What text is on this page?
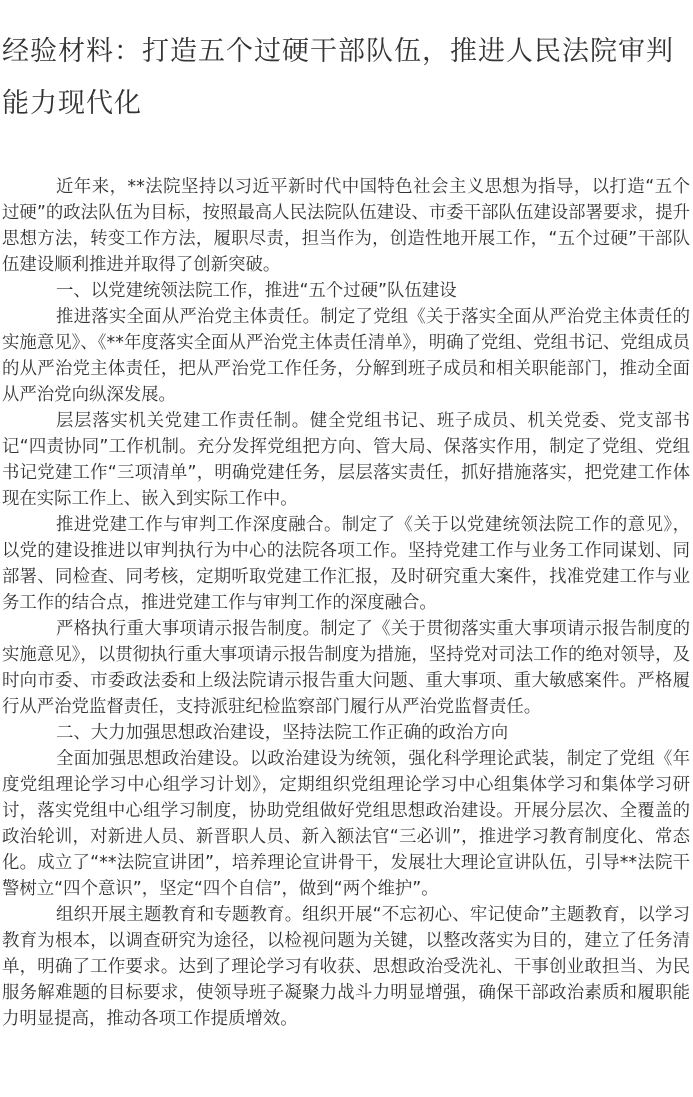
经验材料：打造五个过硬干部队伍，推进人民法院审判能力现代化

近年来，**法院坚持以习近平新时代中国特色社会主义思想为指导，以打造“五个过硬”的政法队伍为目标，按照最高人民法院队伍建设、市委干部队伍建设部署要求，提升思想方法，转变工作方法，履职尽责，担当作为，创造性地开展工作，“五个过硬”干部队伍建设顺利推进并取得了创新突破。

一、以党建统领法院工作，推进“五个过硬”队伍建设

推进落实全面从严治党主体责任。制定了党组《关于落实全面从严治党主体责任的实施意见》、《**年度落实全面从严治党主体责任清单》，明确了党组、党组书记、党组成员的从严治党主体责任，把从严治党工作任务，分解到班子成员和相关职能部门，推动全面从严治党向纵深发展。

层层落实机关党建工作责任制。健全党组书记、班子成员、机关党委、党支部书记“四责协同”工作机制。充分发挥党组把方向、管大局、保落实作用，制定了党组、党组书记党建工作“三项清单”，明确党建任务，层层落实责任，抓好措施落实，把党建工作体现在实际工作上、嵌入到实际工作中。

推进党建工作与审判工作深度融合。制定了《关于以党建统领法院工作的意见》，以党的建设推进以审判执行为中心的法院各项工作。坚持党建工作与业务工作同谋划、同部署、同检查、同考核，定期听取党建工作汇报，及时研究重大案件，找准党建工作与业务工作的结合点，推进党建工作与审判工作的深度融合。

严格执行重大事项请示报告制度。制定了《关于贯彻落实重大事项请示报告制度的实施意见》，以贯彻执行重大事项请示报告制度为措施，坚持党对司法工作的绝对领导，及时向市委、市委政法委和上级法院请示报告重大问题、重大事项、重大敏感案件。严格履行从严治党监督责任，支持派驻纪检监察部门履行从严治党监督责任。

二、大力加强思想政治建设，坚持法院工作正确的政治方向

全面加强思想政治建设。以政治建设为统领，强化科学理论武装，制定了党组《年度党组理论学习中心组学习计划》，定期组织党组理论学习中心组集体学习和集体学习研讨，落实党组中心组学习制度，协助党组做好党组思想政治建设。开展分层次、全覆盖的政治轮训，对新进人员、新晋职人员、新入额法官“三必训”，推进学习教育制度化、常态化。成立了“**法院宣讲团”，培养理论宣讲骨干，发展壮大理论宣讲队伍，引导**法院干警树立“四个意识”，坚定“四个自信”，做到“两个维护”。

组织开展主题教育和专题教育。组织开展“不忘初心、牢记使命”主题教育，以学习教育为根本，以调查研究为途径，以检视问题为关键，以整改落实为目的，建立了任务清单，明确了工作要求。达到了理论学习有收获、思想政治受洗礼、干事创业敢担当、为民服务解难题的目标要求，使领导班子凝聚力战斗力明显增强，确保干部政治素质和履职能力明显提高，推动各项工作提质增效。
